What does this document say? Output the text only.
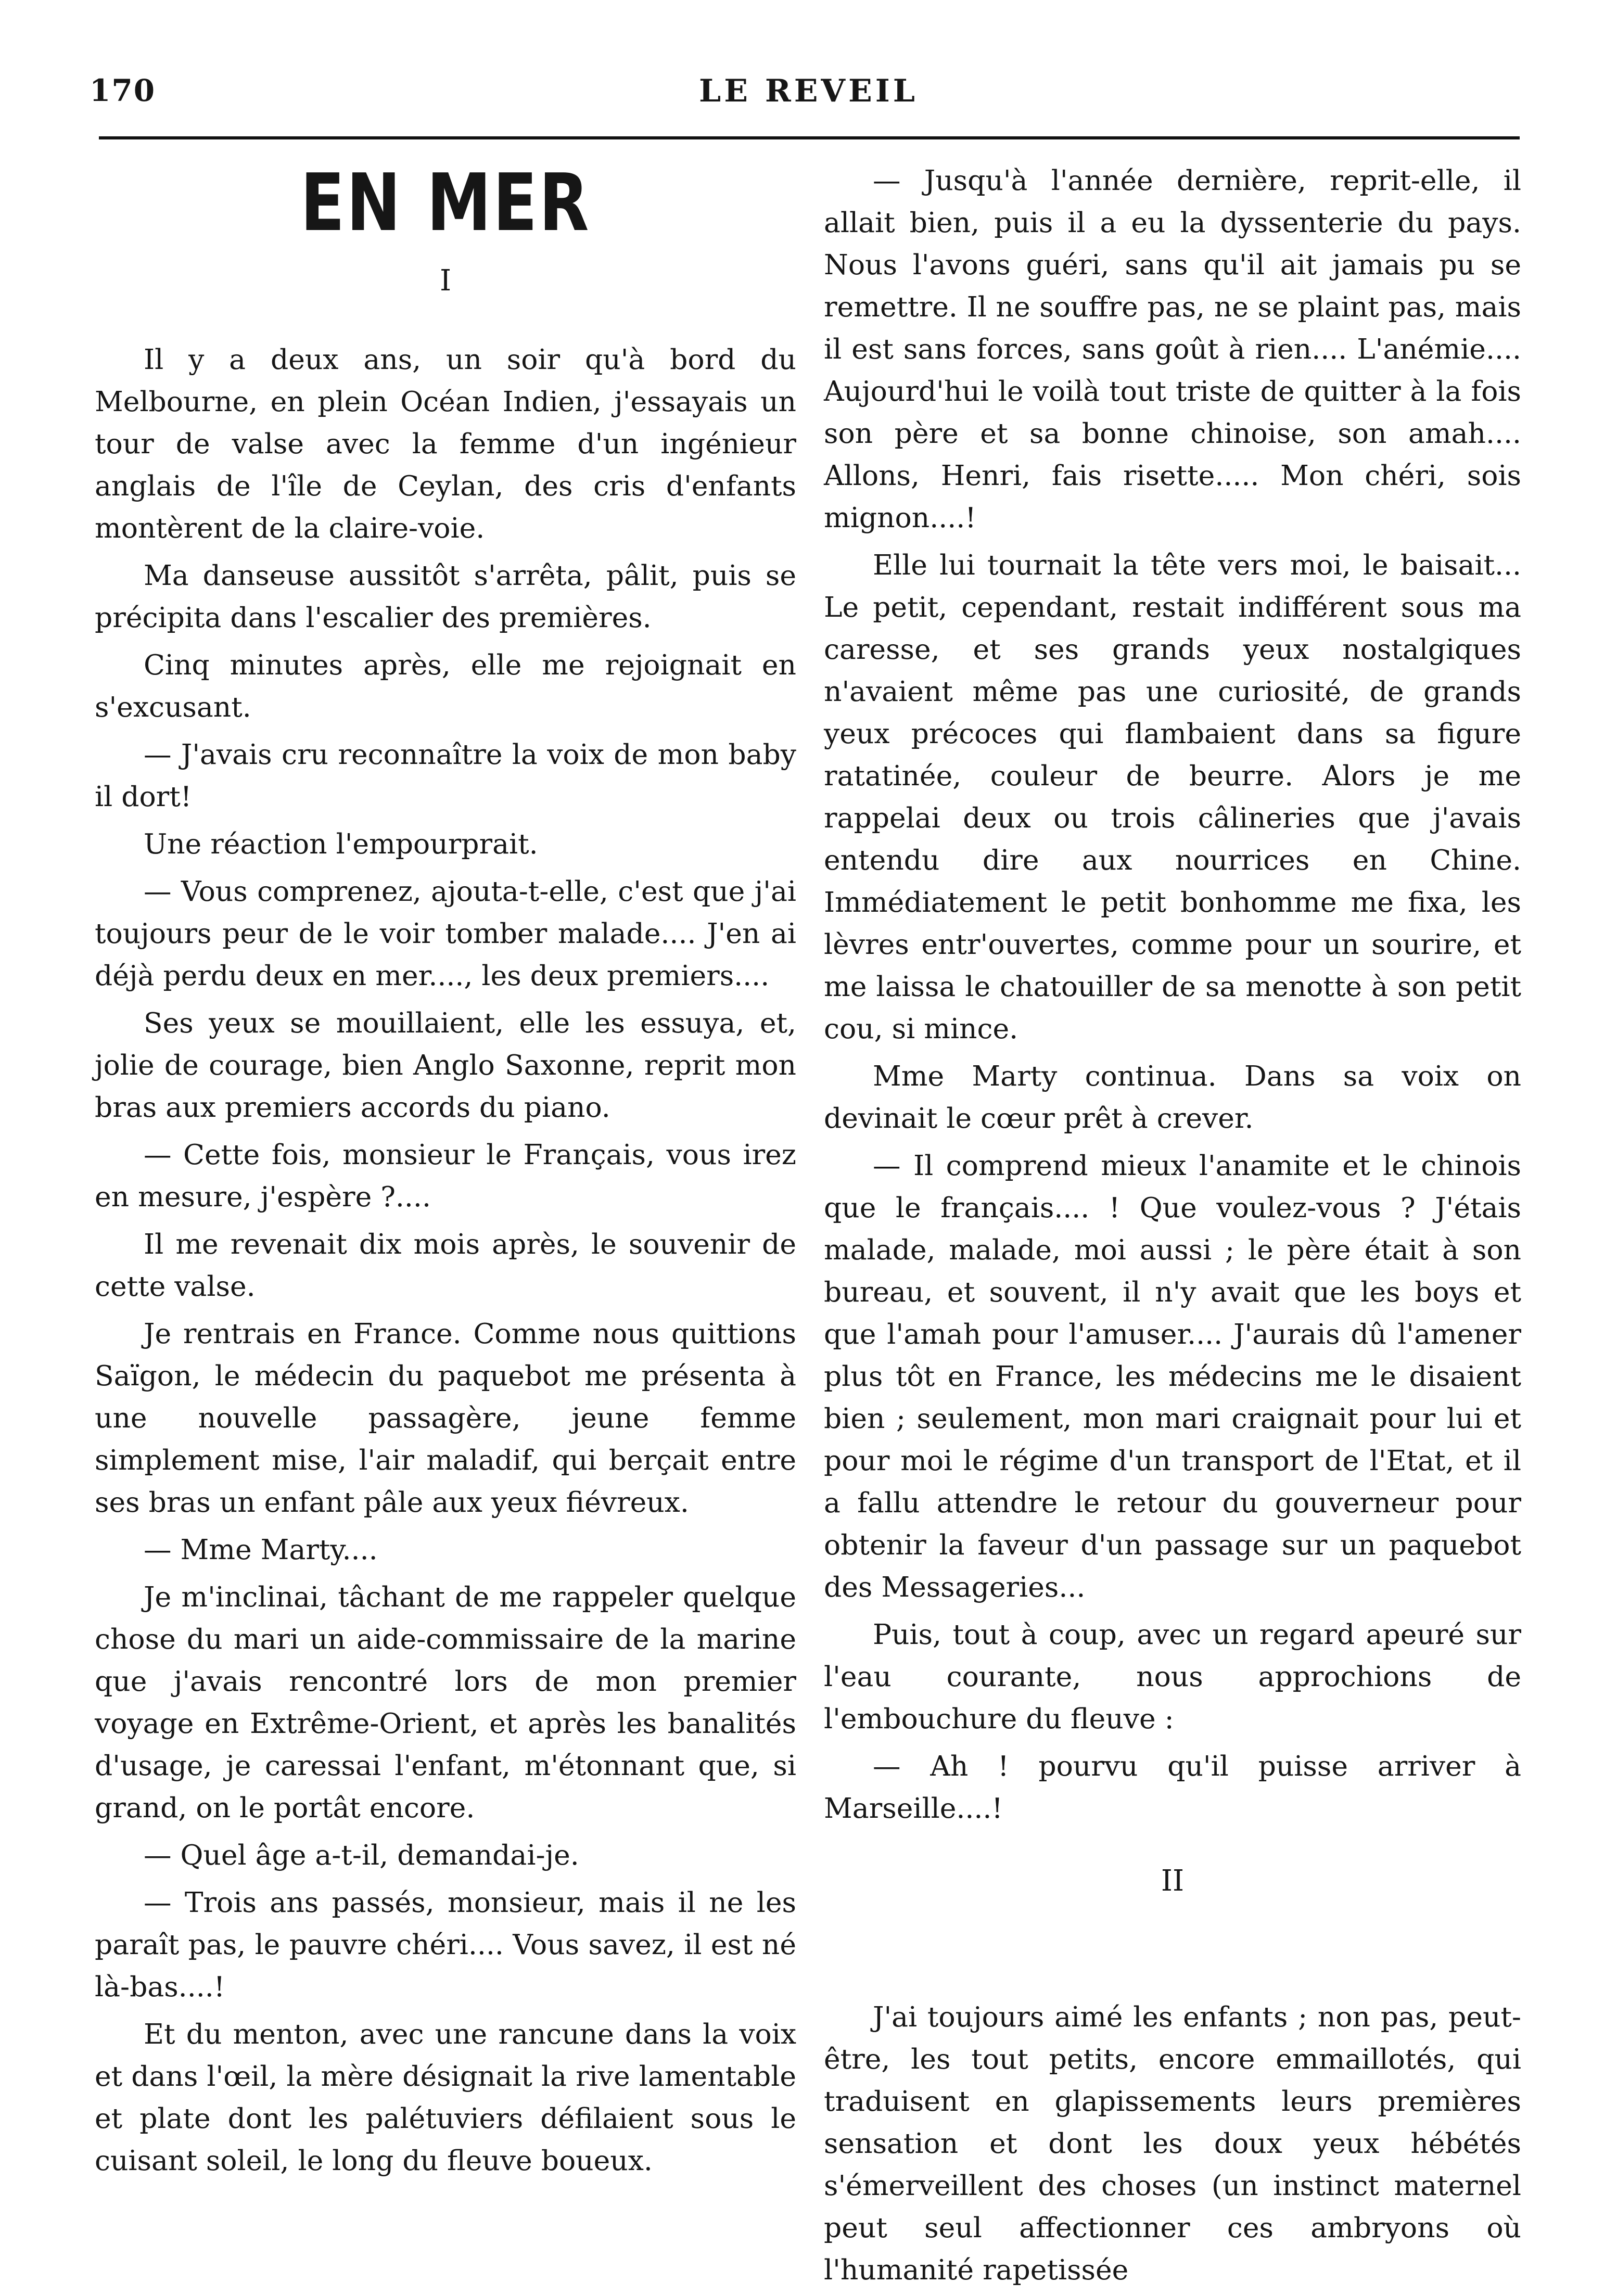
170	LE REVEIL
EN MER
I

Il y a deux ans, un soir qu'à bord du Melbourne, en plein Océan Indien, j'essayais un tour de valse avec la femme d'un ingénieur anglais de l'île de Ceylan, des cris d'enfants montèrent de la claire-voie.

Ma danseuse aussitôt s'arrêta, pâlit, puis se précipita dans l'escalier des premières.

Cinq minutes après, elle me rejoignait en s'excusant.

— J'avais cru reconnaître la voix de mon baby il dort!

Une réaction l'empourprait.

— Vous comprenez, ajouta-t-elle, c'est que j'ai toujours peur de le voir tomber malade.... J'en ai déjà perdu deux en mer...., les deux premiers....

Ses yeux se mouillaient, elle les essuya, et, jolie de courage, bien Anglo Saxonne, reprit mon bras aux premiers accords du piano.

— Cette fois, monsieur le Français, vous irez en mesure, j'espère ?....

Il me revenait dix mois après, le souvenir de cette valse.

Je rentrais en France. Comme nous quittions Saïgon, le médecin du paquebot me présenta à une nouvelle passagère, jeune femme simplement mise, l'air maladif, qui berçait entre ses bras un enfant pâle aux yeux fiévreux.

— Mme Marty....

Je m'inclinai, tâchant de me rappeler quelque chose du mari un aide-commissaire de la marine que j'avais rencontré lors de mon premier voyage en Extrême-Orient, et après les banalités d'usage, je caressai l'enfant, m'étonnant que, si grand, on le portât encore.

— Quel âge a-t-il, demandai-je.

— Trois ans passés, monsieur, mais il ne les paraît pas, le pauvre chéri.... Vous savez, il est né là-bas....!

Et du menton, avec une rancune dans la voix et dans l'œil, la mère désignait la rive lamentable et plate dont les palétuviers défilaient sous le cuisant soleil, le long du fleuve boueux.

— Jusqu'à l'année dernière, reprit-elle, il allait bien, puis il a eu la dyssenterie du pays. Nous l'avons guéri, sans qu'il ait jamais pu se remettre. Il ne souffre pas, ne se plaint pas, mais il est sans forces, sans goût à rien.... L'anémie.... Aujourd'hui le voilà tout triste de quitter à la fois son père et sa bonne chinoise, son amah.... Allons, Henri, fais risette..... Mon chéri, sois mignon....!

Elle lui tournait la tête vers moi, le baisait... Le petit, cependant, restait indifférent sous ma caresse, et ses grands yeux nostalgiques n'avaient même pas une curiosité, de grands yeux précoces qui flambaient dans sa figure ratatinée, couleur de beurre. Alors je me rappelai deux ou trois câlineries que j'avais entendu dire aux nourrices en Chine. Immédiatement le petit bonhomme me fixa, les lèvres entr'ouvertes, comme pour un sourire, et me laissa le chatouiller de sa menotte à son petit cou, si mince.

Mme Marty continua. Dans sa voix on devinait le cœur prêt à crever.

— Il comprend mieux l'anamite et le chinois que le français.... ! Que voulez-vous ? J'étais malade, malade, moi aussi ; le père était à son bureau, et souvent, il n'y avait que les boys et que l'amah pour l'amuser.... J'aurais dû l'amener plus tôt en France, les médecins me le disaient bien ; seulement, mon mari craignait pour lui et pour moi le régime d'un transport de l'Etat, et il a fallu attendre le retour du gouverneur pour obtenir la faveur d'un passage sur un paquebot des Messageries...

Puis, tout à coup, avec un regard apeuré sur l'eau courante, nous approchions de l'embouchure du fleuve :

— Ah ! pourvu qu'il puisse arriver à Marseille....!

II

J'ai toujours aimé les enfants ; non pas, peut-être, les tout petits, encore emmaillotés, qui traduisent en glapissements leurs premières sensation et dont les doux yeux hébétés s'émerveillent des choses (un instinct maternel peut seul affectionner ces ambryons où l'humanité rapetissée
